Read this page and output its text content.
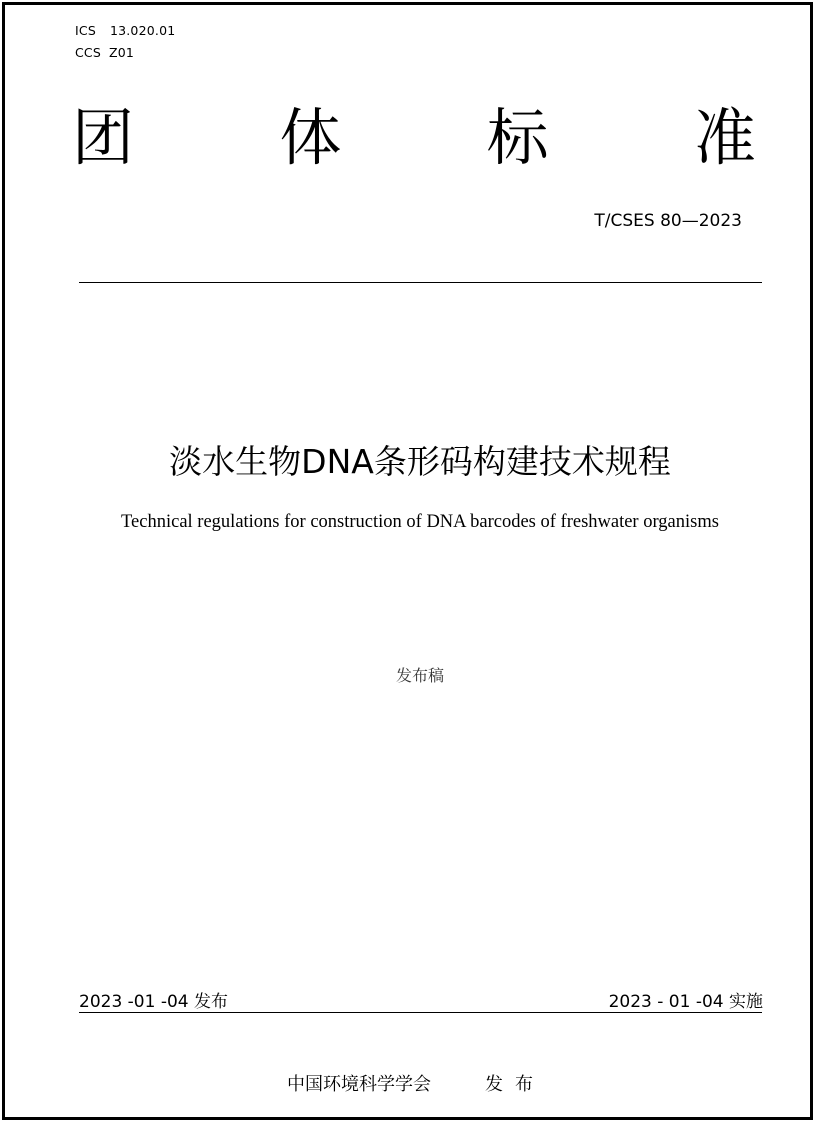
ICS 13.020.01
CCS Z01
团 体 标 准
T/CSES 80—2023
淡水生物DNA条形码构建技术规程
Technical regulations for construction of DNA barcodes of freshwater organisms
发布稿
2023 -01 -04 发布	2023 - 01 -04 实施
中国环境科学学会	发布
